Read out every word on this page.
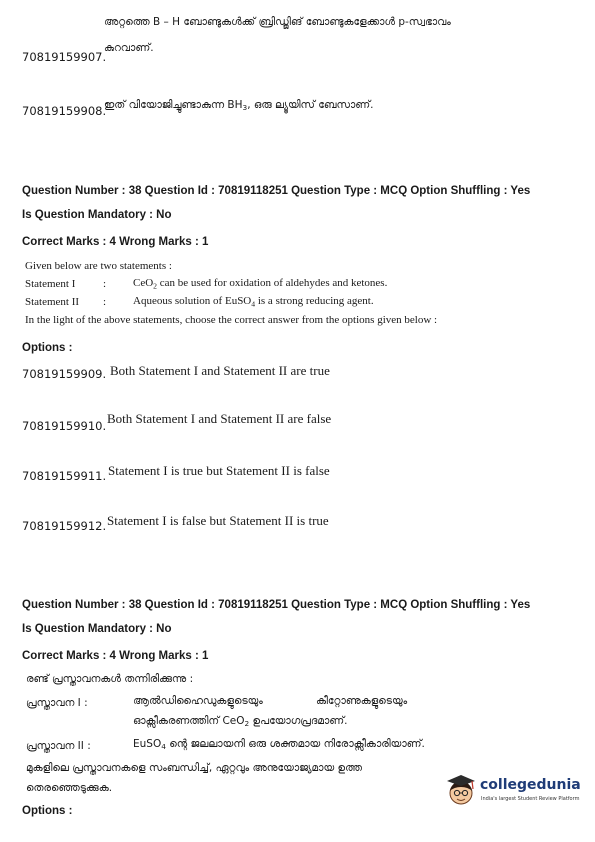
അറ്റത്തെ B – H ബോണ്ടുകൾക്ക് ബ്രിഡ്ജിങ് ബോണ്ടുകളേക്കാൾ p-സ്വഭാവം
70819159907.
കുറവാണ്.
70819159908.
ഇത് വിയോജിച്ചുണ്ടാകുന്ന $BH_3$, ഒരു ല്യൂയിസ് ബേസാണ്.
Question Number : 38 Question Id : 70819118251 Question Type : MCQ Option Shuffling : Yes
Is Question Mandatory : No
Correct Marks : 4 Wrong Marks : 1
Given below are two statements :
Statement I	: CeO$_2$ can be used for oxidation of aldehydes and ketones.
Statement II : Aqueous solution of EuSO$_4$ is a strong reducing agent.
In the light of the above statements, choose the correct answer from the options given below :
Options :
70819159909. Both Statement I and Statement II are true
70819159910. Both Statement I and Statement II are false
70819159911. Statement I is true but Statement II is false
70819159912. Statement I is false but Statement II is true
Question Number : 38 Question Id : 70819118251 Question Type : MCQ Option Shuffling : Yes
Is Question Mandatory : No
Correct Marks : 4 Wrong Marks : 1
രണ്ട് പ്രസ്താവനകൾ തന്നിരിക്കുന്നു :
പ്രസ്താവന I :	ആൽഡിഹൈഡുകളുടെയും	കീറ്റോണുകളുടെയും
ഓക്സീകരണത്തിന് CeO$_2$ ഉപയോഗപ്രദമാണ്.
പ്രസ്താവന II :	EuSO$_4$ ന്റെ ജലലായനി ഒരു ശക്തമായ നിരോക്സീകാരിയാണ്.
മുകളിലെ പ്രസ്താവനകളെ സംബന്ധിച്ച്, ഏറ്റവും അനുയോജ്യമായ ഉത്ത
തെരഞ്ഞെടുക്കുക.
Options :
collegedunia
India's largest Student Review Platform
